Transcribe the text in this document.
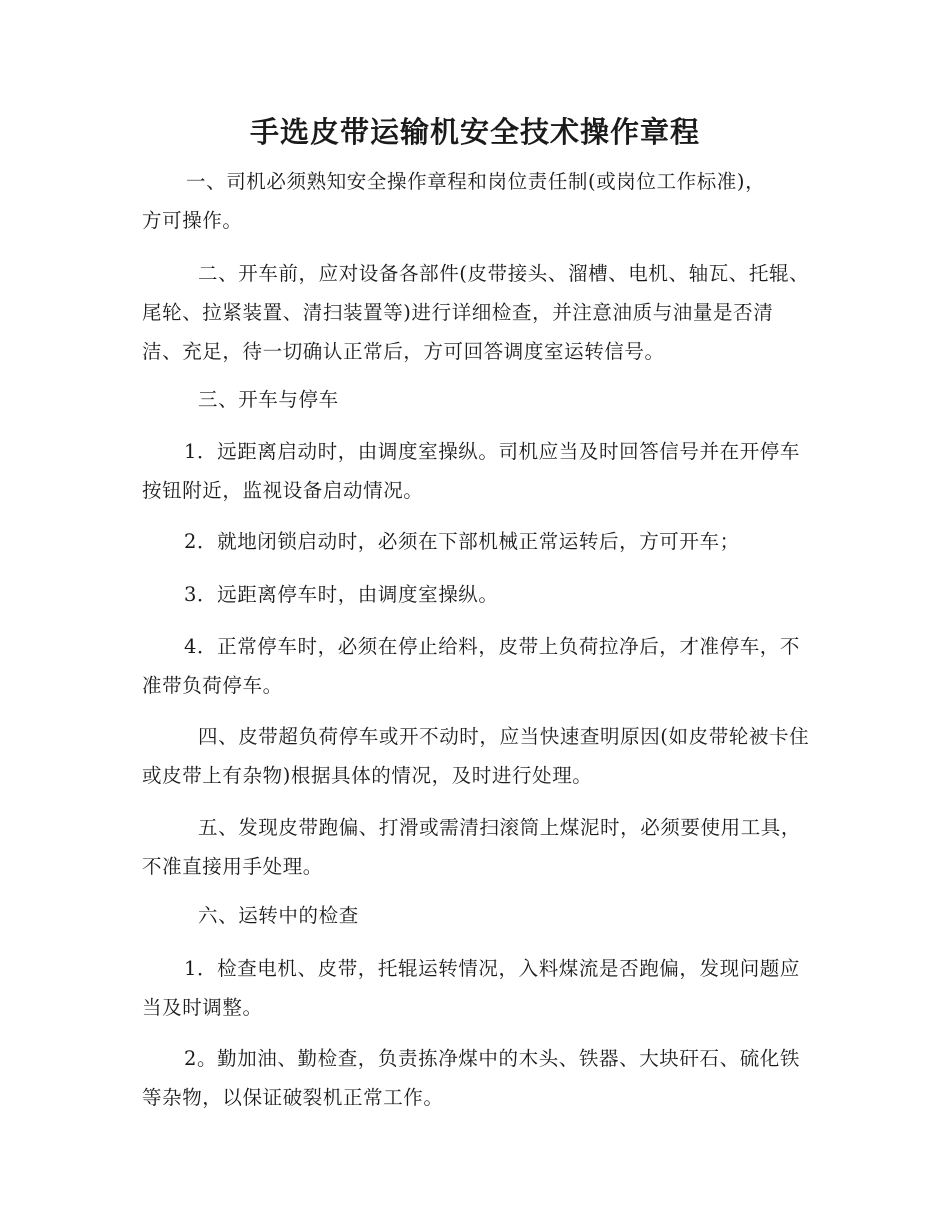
手选皮带运输机安全技术操作章程
一、司机必须熟知安全操作章程和岗位责任制(或岗位工作标准)，方可操作。
二、开车前，应对设备各部件(皮带接头、溜槽、电机、轴瓦、托辊、尾轮、拉紧装置、清扫装置等)进行详细检查，并注意油质与油量是否清洁、充足，待一切确认正常后，方可回答调度室运转信号。
三、开车与停车
1．远距离启动时，由调度室操纵。司机应当及时回答信号并在开停车按钮附近，监视设备启动情况。
2．就地闭锁启动时，必须在下部机械正常运转后，方可开车；
3．远距离停车时，由调度室操纵。
4．正常停车时，必须在停止给料，皮带上负荷拉净后，才准停车，不准带负荷停车。
四、皮带超负荷停车或开不动时，应当快速查明原因(如皮带轮被卡住或皮带上有杂物)根据具体的情况，及时进行处理。
五、发现皮带跑偏、打滑或需清扫滚筒上煤泥时，必须要使用工具，不准直接用手处理。
六、运转中的检查
1．检查电机、皮带，托辊运转情况，入料煤流是否跑偏，发现问题应当及时调整。
2。勤加油、勤检查，负责拣净煤中的木头、铁器、大块矸石、硫化铁等杂物，以保证破裂机正常工作。
